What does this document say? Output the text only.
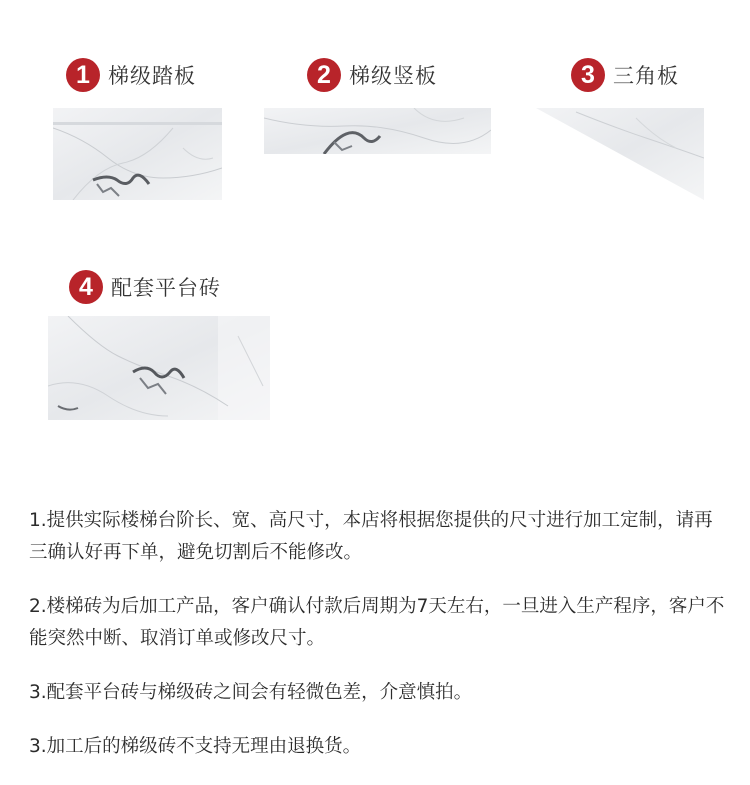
1 梯级踏板	2 梯级竖板	3 三角板
4 配套平台砖

1.提供实际楼梯台阶长、宽、高尺寸，本店将根据您提供的尺寸进行加工定制，请再三确认好再下单，避免切割后不能修改。

2.楼梯砖为后加工产品，客户确认付款后周期为7天左右，一旦进入生产程序，客户不能突然中断、取消订单或修改尺寸。

3.配套平台砖与梯级砖之间会有轻微色差，介意慎拍。

3.加工后的梯级砖不支持无理由退换货。
